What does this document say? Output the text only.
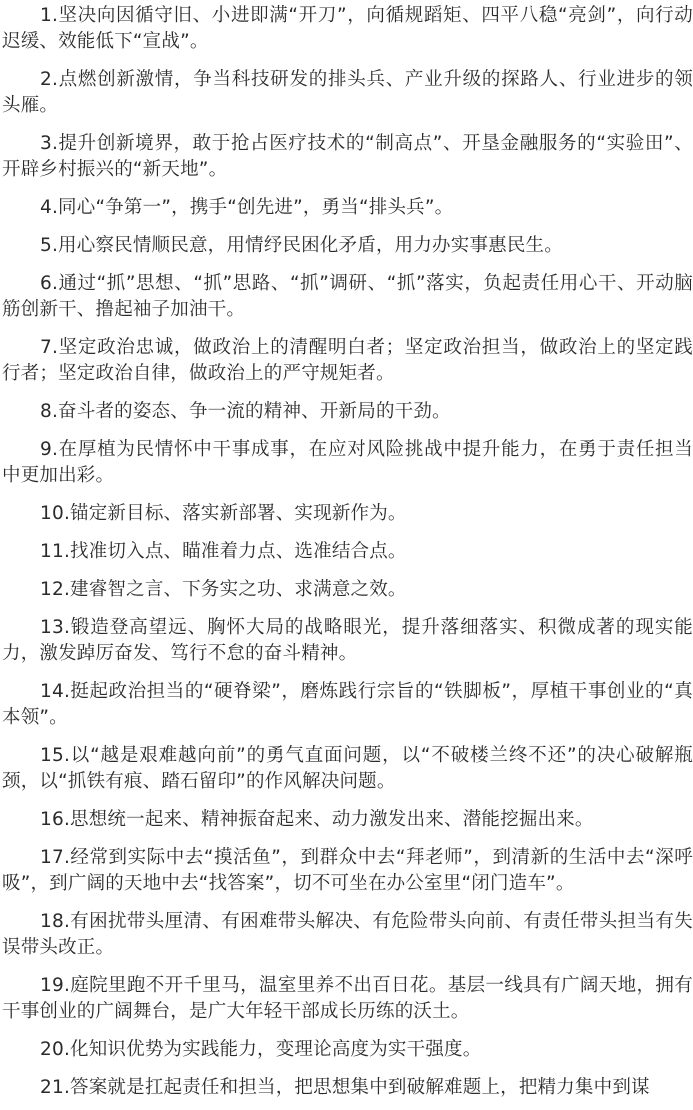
1.坚决向因循守旧、小进即满“开刀”，向循规蹈矩、四平八稳“亮剑”，向行动迟缓、效能低下“宣战”。

2.点燃创新激情，争当科技研发的排头兵、产业升级的探路人、行业进步的领头雁。

3.提升创新境界，敢于抢占医疗技术的“制高点”、开垦金融服务的“实验田”、开辟乡村振兴的“新天地”。

4.同心“争第一”，携手“创先进”，勇当“排头兵”。

5.用心察民情顺民意，用情纾民困化矛盾，用力办实事惠民生。

6.通过“抓”思想、“抓”思路、“抓”调研、“抓”落实，负起责任用心干、开动脑筋创新干、撸起袖子加油干。

7.坚定政治忠诚，做政治上的清醒明白者；坚定政治担当，做政治上的坚定践行者；坚定政治自律，做政治上的严守规矩者。

8.奋斗者的姿态、争一流的精神、开新局的干劲。

9.在厚植为民情怀中干事成事，在应对风险挑战中提升能力，在勇于责任担当中更加出彩。

10.锚定新目标、落实新部署、实现新作为。

11.找准切入点、瞄准着力点、选准结合点。

12.建睿智之言、下务实之功、求满意之效。

13.锻造登高望远、胸怀大局的战略眼光，提升落细落实、积微成著的现实能力，激发踔厉奋发、笃行不怠的奋斗精神。

14.挺起政治担当的“硬脊梁”，磨炼践行宗旨的“铁脚板”，厚植干事创业的“真本领”。

15.以“越是艰难越向前”的勇气直面问题，以“不破楼兰终不还”的决心破解瓶颈，以“抓铁有痕、踏石留印”的作风解决问题。

16.思想统一起来、精神振奋起来、动力激发出来、潜能挖掘出来。

17.经常到实际中去“摸活鱼”，到群众中去“拜老师”，到清新的生活中去“深呼吸”，到广阔的天地中去“找答案”，切不可坐在办公室里“闭门造车”。

18.有困扰带头厘清、有困难带头解决、有危险带头向前、有责任带头担当有失误带头改正。

19.庭院里跑不开千里马，温室里养不出百日花。基层一线具有广阔天地，拥有干事创业的广阔舞台，是广大年轻干部成长历练的沃土。

20.化知识优势为实践能力，变理论高度为实干强度。

21.答案就是扛起责任和担当，把思想集中到破解难题上，把精力集中到谋
